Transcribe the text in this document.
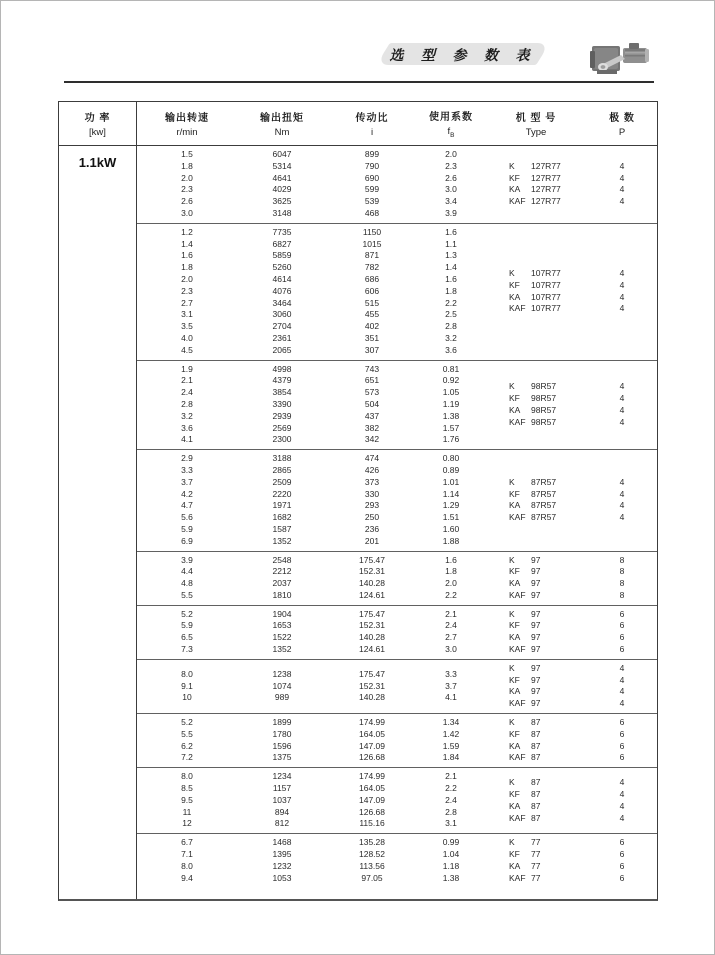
选 型 参 数 表
功 率
[kw]
输出转速
r/min
输出扭矩
Nm
传动比
i
使用系数
$f_B$
机 型 号
Type
极 数
P
1.1kW
1.5
1.8
2.0
2.3
2.6
3.0
6047
5314
4641
4029
3625
3148
899
790
690
599
539
468
2.0
2.3
2.6
3.0
3.4
3.9
K 127R77
KF 127R77
KA 127R77
KAF 127R77
4
4
4
4
1.2
1.4
1.6
1.8
2.0
2.3
2.7
3.1
3.5
4.0
4.5
7735
6827
5859
5260
4614
4076
3464
3060
2704
2361
2065
1150
1015
871
782
686
606
515
455
402
351
307
1.6
1.1
1.3
1.4
1.6
1.8
2.2
2.5
2.8
3.2
3.6
K 107R77
KF 107R77
KA 107R77
KAF 107R77
4
4
4
4
1.9
2.1
2.4
2.8
3.2
3.6
4.1
4998
4379
3854
3390
2939
2569
2300
743
651
573
504
437
382
342
0.81
0.92
1.05
1.19
1.38
1.57
1.76
K 98R57
KF 98R57
KA 98R57
KAF 98R57
4
4
4
4
2.9
3.3
3.7
4.2
4.7
5.6
5.9
6.9
3188
2865
2509
2220
1971
1682
1587
1352
474
426
373
330
293
250
236
201
0.80
0.89
1.01
1.14
1.29
1.51
1.60
1.88
K 87R57
KF 87R57
KA 87R57
KAF 87R57
4
4
4
4
3.9
4.4
4.8
5.5
2548
2212
2037
1810
175.47
152.31
140.28
124.61
1.6
1.8
2.0
2.2
K 97
KF 97
KA 97
KAF 97
8
8
8
8
5.2
5.9
6.5
7.3
1904
1653
1522
1352
175.47
152.31
140.28
124.61
2.1
2.4
2.7
3.0
K 97
KF 97
KA 97
KAF 97
6
6
6
6
8.0
9.1
10
1238
1074
989
175.47
152.31
140.28
3.3
3.7
4.1
K 97
KF 97
KA 97
KAF 97
4
4
4
4
5.2
5.5
6.2
7.2
1899
1780
1596
1375
174.99
164.05
147.09
126.68
1.34
1.42
1.59
1.84
K 87
KF 87
KA 87
KAF 87
6
6
6
6
8.0
8.5
9.5
11
12
1234
1157
1037
894
812
174.99
164.05
147.09
126.68
115.16
2.1
2.2
2.4
2.8
3.1
K 87
KF 87
KA 87
KAF 87
4
4
4
4
6.7
7.1
8.0
9.4
1468
1395
1232
1053
135.28
128.52
113.56
97.05
0.99
1.04
1.18
1.38
K 77
KF 77
KA 77
KAF 77
6
6
6
6
